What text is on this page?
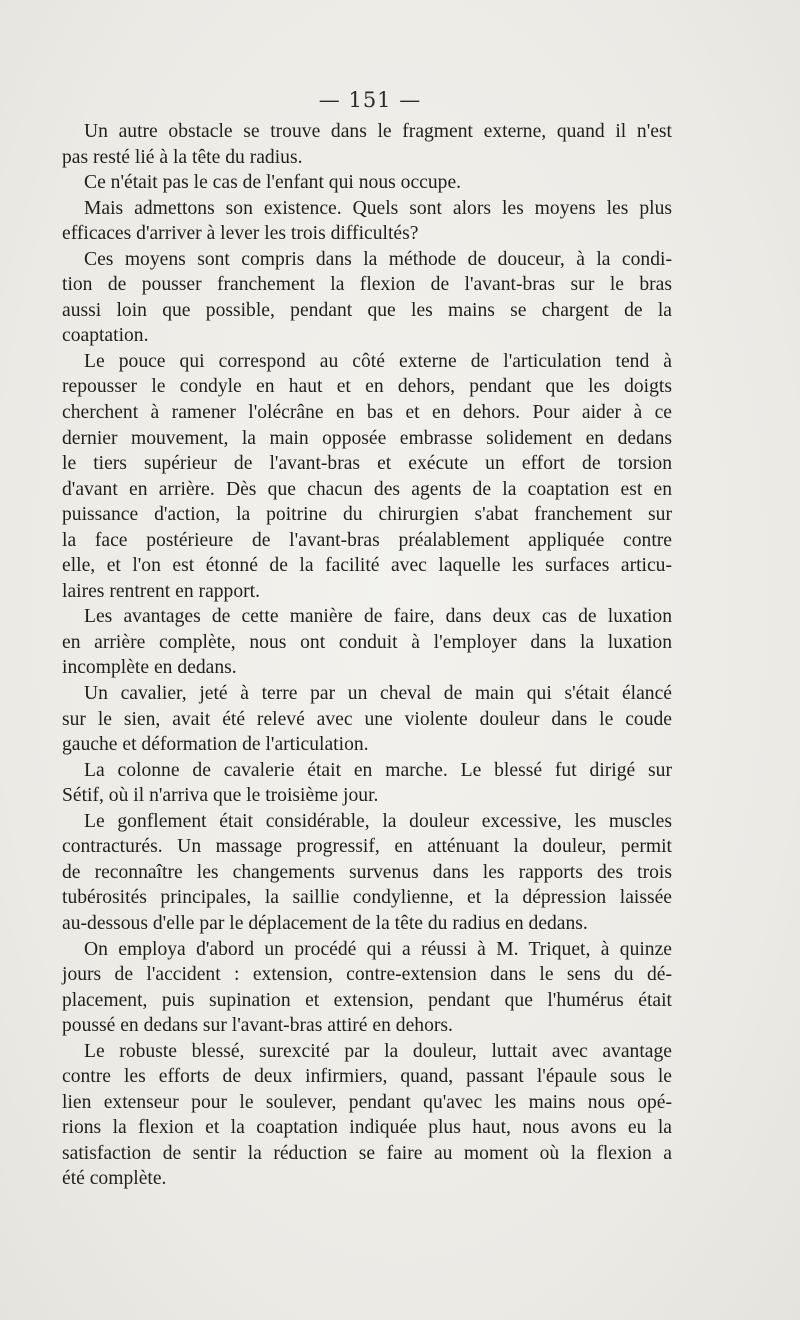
— 151 —
Un autre obstacle se trouve dans le fragment externe, quand il n'est
pas resté lié à la tête du radius.
Ce n'était pas le cas de l'enfant qui nous occupe.
Mais admettons son existence. Quels sont alors les moyens les plus
efficaces d'arriver à lever les trois difficultés?
Ces moyens sont compris dans la méthode de douceur, à la condi-
tion de pousser franchement la flexion de l'avant-bras sur le bras
aussi loin que possible, pendant que les mains se chargent de la
coaptation.
Le pouce qui correspond au côté externe de l'articulation tend à
repousser le condyle en haut et en dehors, pendant que les doigts
cherchent à ramener l'olécrâne en bas et en dehors. Pour aider à ce
dernier mouvement, la main opposée embrasse solidement en dedans
le tiers supérieur de l'avant-bras et exécute un effort de torsion
d'avant en arrière. Dès que chacun des agents de la coaptation est en
puissance d'action, la poitrine du chirurgien s'abat franchement sur
la face postérieure de l'avant-bras préalablement appliquée contre
elle, et l'on est étonné de la facilité avec laquelle les surfaces articu-
laires rentrent en rapport.
Les avantages de cette manière de faire, dans deux cas de luxation
en arrière complète, nous ont conduit à l'employer dans la luxation
incomplète en dedans.
Un cavalier, jeté à terre par un cheval de main qui s'était élancé
sur le sien, avait été relevé avec une violente douleur dans le coude
gauche et déformation de l'articulation.
La colonne de cavalerie était en marche. Le blessé fut dirigé sur
Sétif, où il n'arriva que le troisième jour.
Le gonflement était considérable, la douleur excessive, les muscles
contracturés. Un massage progressif, en atténuant la douleur, permit
de reconnaître les changements survenus dans les rapports des trois
tubérosités principales, la saillie condylienne, et la dépression laissée
au-dessous d'elle par le déplacement de la tête du radius en dedans.
On employa d'abord un procédé qui a réussi à M. Triquet, à quinze
jours de l'accident : extension, contre-extension dans le sens du dé-
placement, puis supination et extension, pendant que l'humérus était
poussé en dedans sur l'avant-bras attiré en dehors.
Le robuste blessé, surexcité par la douleur, luttait avec avantage
contre les efforts de deux infirmiers, quand, passant l'épaule sous le
lien extenseur pour le soulever, pendant qu'avec les mains nous opé-
rions la flexion et la coaptation indiquée plus haut, nous avons eu la
satisfaction de sentir la réduction se faire au moment où la flexion a
été complète.
